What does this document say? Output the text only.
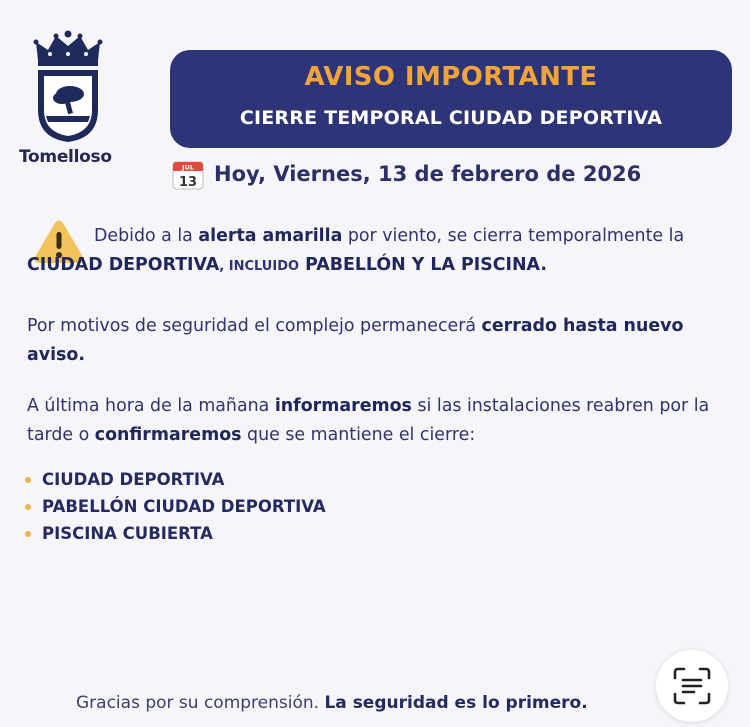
Tomelloso
AVISO IMPORTANTE
CIERRE TEMPORAL CIUDAD DEPORTIVA
JUL
13 Hoy, Viernes, 13 de febrero de 2026
Debido a la alerta amarilla por viento, se cierra temporalmente la CIUDAD DEPORTIVA, INCLUIDO PABELLÓN Y LA PISCINA.
Por motivos de seguridad el complejo permanecerá cerrado hasta nuevo aviso.
A última hora de la mañana informaremos si las instalaciones reabren por la tarde o confirmaremos que se mantiene el cierre:
CIUDAD DEPORTIVA
PABELLÓN CIUDAD DEPORTIVA
PISCINA CUBIERTA
Gracias por su comprensión. La seguridad es lo primero.
